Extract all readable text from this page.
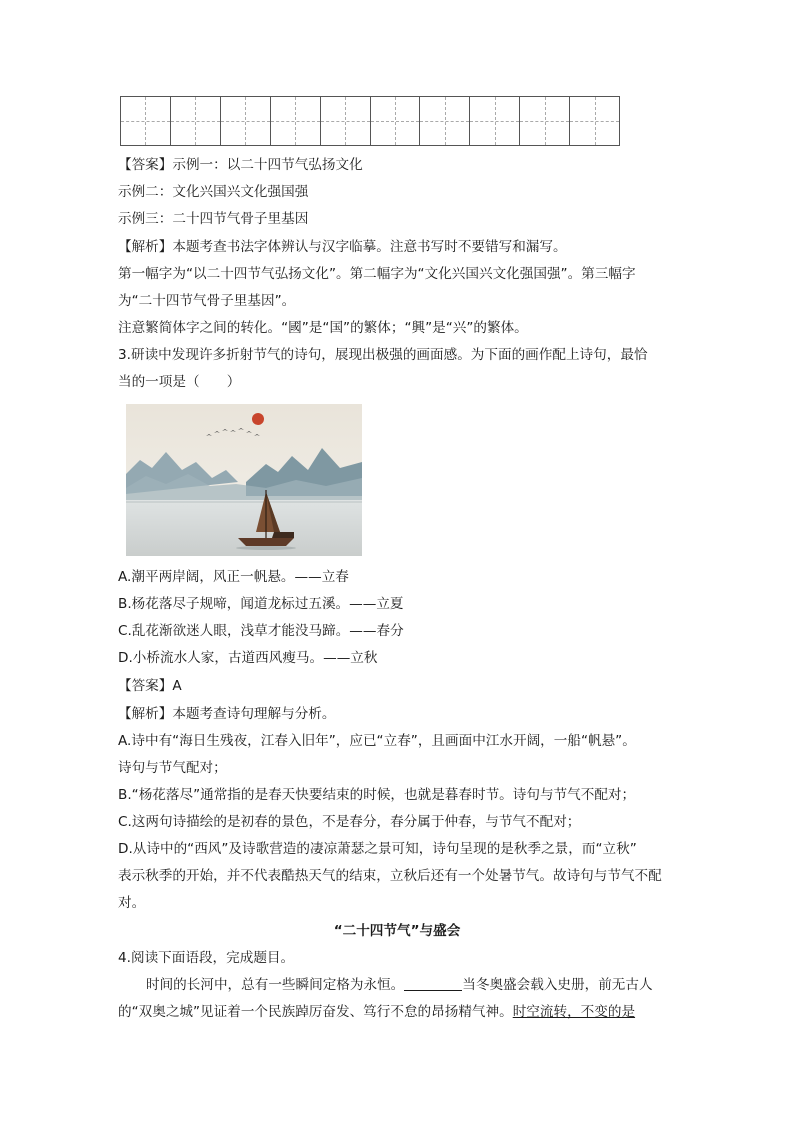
【答案】示例一：以二十四节气弘扬文化
示例二：文化兴国兴文化强国强
示例三：二十四节气骨子里基因
【解析】本题考查书法字体辨认与汉字临摹。注意书写时不要错写和漏写。
第一幅字为“以二十四节气弘扬文化”。第二幅字为“文化兴国兴文化强国强”。第三幅字
为“二十四节气骨子里基因”。
注意繁简体字之间的转化。“國”是“国”的繁体；“興”是“兴”的繁体。
3.研读中发现许多折射节气的诗句，展现出极强的画面感。为下面的画作配上诗句，最恰
当的一项是（　　）
A.潮平两岸阔，风正一帆悬。——立春
B.杨花落尽子规啼，闻道龙标过五溪。——立夏
C.乱花渐欲迷人眼，浅草才能没马蹄。——春分
D.小桥流水人家，古道西风瘦马。——立秋
【答案】A
【解析】本题考查诗句理解与分析。
A.诗中有“海日生残夜，江春入旧年”，应已“立春”，且画面中江水开阔，一船“帆悬”。
诗句与节气配对；
B.“杨花落尽”通常指的是春天快要结束的时候，也就是暮春时节。诗句与节气不配对；
C.这两句诗描绘的是初春的景色，不是春分，春分属于仲春，与节气不配对；
D.从诗中的“西风”及诗歌营造的凄凉萧瑟之景可知，诗句呈现的是秋季之景，而“立秋”
表示秋季的开始，并不代表酷热天气的结束，立秋后还有一个处暑节气。故诗句与节气不配
对。
“二十四节气”与盛会
4.阅读下面语段，完成题目。
时间的长河中，总有一些瞬间定格为永恒。	当冬奥盛会载入史册，前无古人
的“双奥之城”见证着一个民族踔厉奋发、笃行不怠的昂扬精气神。时空流转，不变的是
